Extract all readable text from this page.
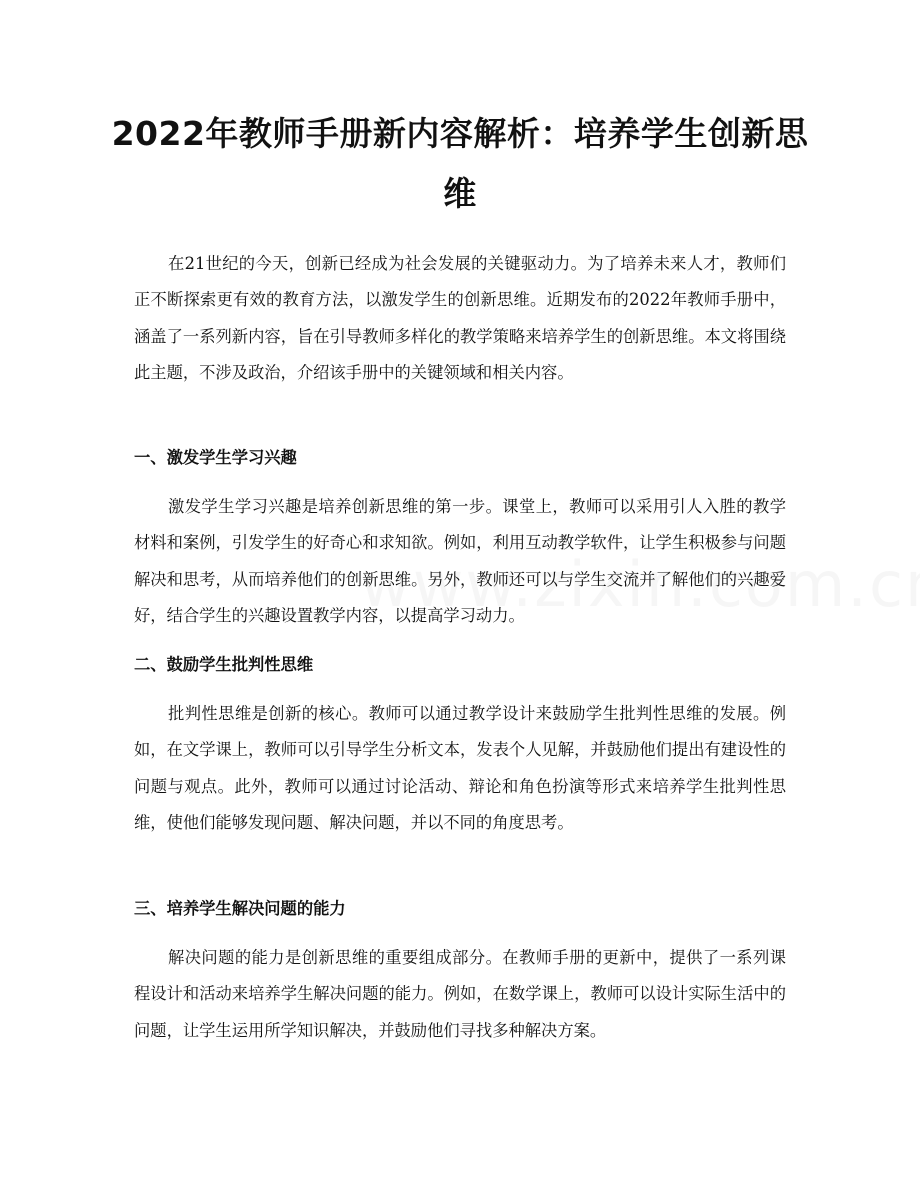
2022年教师手册新内容解析：培养学生创新思维

在21世纪的今天，创新已经成为社会发展的关键驱动力。为了培养未来人才，教师们正不断探索更有效的教育方法，以激发学生的创新思维。近期发布的2022年教师手册中，涵盖了一系列新内容，旨在引导教师多样化的教学策略来培养学生的创新思维。本文将围绕此主题，不涉及政治，介绍该手册中的关键领域和相关内容。

一、激发学生学习兴趣

激发学生学习兴趣是培养创新思维的第一步。课堂上，教师可以采用引人入胜的教学材料和案例，引发学生的好奇心和求知欲。例如，利用互动教学软件，让学生积极参与问题解决和思考，从而培养他们的创新思维。另外，教师还可以与学生交流并了解他们的兴趣爱好，结合学生的兴趣设置教学内容，以提高学习动力。

二、鼓励学生批判性思维

批判性思维是创新的核心。教师可以通过教学设计来鼓励学生批判性思维的发展。例如，在文学课上，教师可以引导学生分析文本，发表个人见解，并鼓励他们提出有建设性的问题与观点。此外，教师可以通过讨论活动、辩论和角色扮演等形式来培养学生批判性思维，使他们能够发现问题、解决问题，并以不同的角度思考。

三、培养学生解决问题的能力

解决问题的能力是创新思维的重要组成部分。在教师手册的更新中，提供了一系列课程设计和活动来培养学生解决问题的能力。例如，在数学课上，教师可以设计实际生活中的问题，让学生运用所学知识解决，并鼓励他们寻找多种解决方案。
